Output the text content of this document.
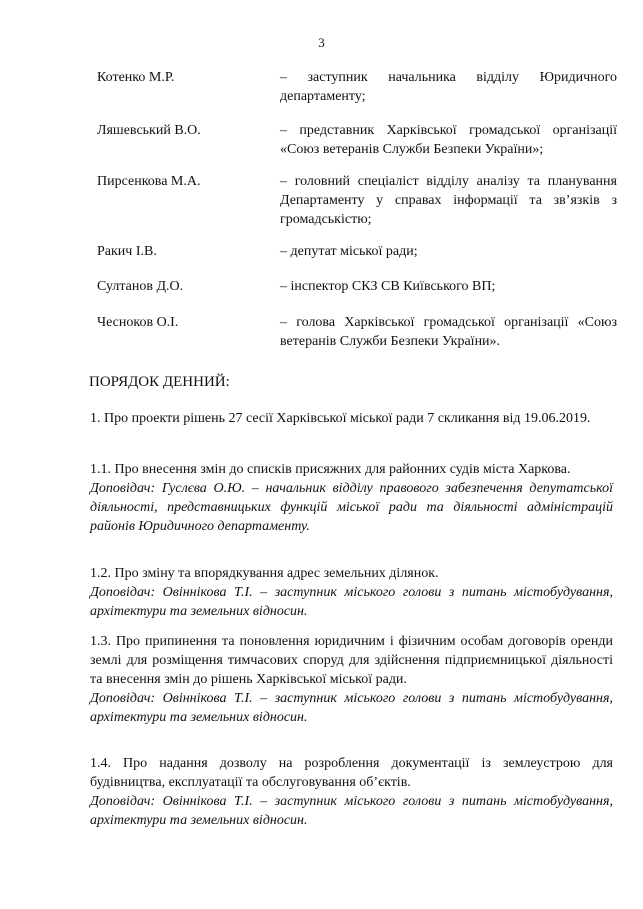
3
Котенко М.Р.	– заступник начальника відділу Юридичного департаменту;
Ляшевський В.О.	– представник Харківської громадської організації «Союз ветеранів Служби Безпеки України»;
Пирсенкова М.А.	– головний спеціаліст відділу аналізу та планування Департаменту у справах інформації та зв’язків з громадськістю;
Ракич І.В.	– депутат міської ради;
Султанов Д.О.	– інспектор СКЗ СВ Київського ВП;
Чесноков О.І.	– голова Харківської громадської організації «Союз ветеранів Служби Безпеки України».
ПОРЯДОК ДЕННИЙ:

1. Про проекти рішень 27 сесії Харківської міської ради 7 скликання від 19.06.2019.

1.1. Про внесення змін до списків присяжних для районних судів міста Харкова.

Доповідач: Гуслєва О.Ю. – начальник відділу правового забезпечення депутатської діяльності, представницьких функцій міської ради та діяльності адміністрацій районів Юридичного департаменту.

1.2. Про зміну та впорядкування адрес земельних ділянок.

Доповідач: Овіннікова Т.І. – заступник міського голови з питань містобудування, архітектури та земельних відносин.

1.3. Про припинення та поновлення юридичним і фізичним особам договорів оренди землі для розміщення тимчасових споруд для здійснення підприємницької діяльності та внесення змін до рішень Харківської міської ради.

Доповідач: Овіннікова Т.І. – заступник міського голови з питань містобудування, архітектури та земельних відносин.

1.4. Про надання дозволу на розроблення документації із землеустрою для будівництва, експлуатації та обслуговування об’єктів.

Доповідач: Овіннікова Т.І. – заступник міського голови з питань містобудування, архітектури та земельних відносин.
